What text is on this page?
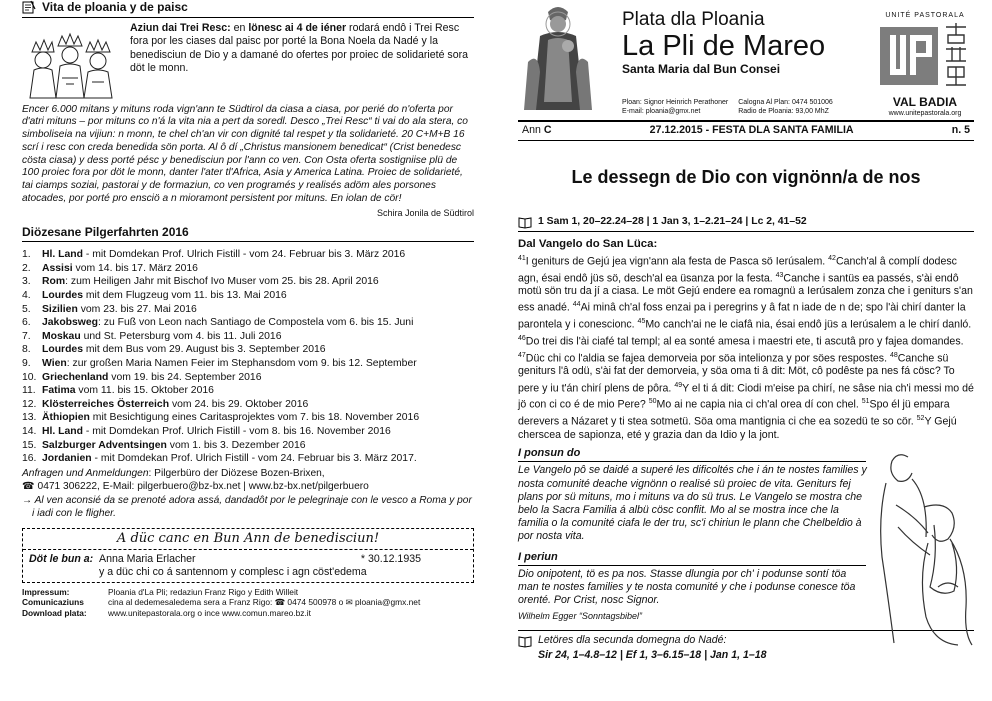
Vita de ploania y de paisc
Aziun dai Trei Resc: en lönesc ai 4 de iéner rodará endô i Trei Resc fora por les ciases dal paisc por porté la Bona Noela da Nadé y la benedisciun de Dio y a damané do ofertes por proiec de solidarieté sora döt le monn.
Encer 6.000 mitans y mituns roda vign'ann te Südtirol da ciasa a ciasa, por perié do n'oferta por d'atri mituns – por mituns co n'á la vita nia a pert da soredl. Desco „Trei Resc“ ti vai do ala stera, co simboliseia na vijiun: n monn, te chel ch'an vir con dignité tal respet y tla solidarieté. 20 C+M+B 16 scrí i resc con creda benedida sön porta. Al ô dí „Christus mansionem benedicat“ (Crist benedesc cösta ciasa) y dess porté pésc y benedisciun por l'ann co ven. Con Osta oferta sostigniise plü de 100 proiec fora por döt le monn, danter l'ater tl'Africa, Asia y America Latina. Proiec de solidarieté, tai ciamps soziai, pastorai y de formaziun, co ven programés y realisés adöm ales porsones atocades, por porté pro ensciö a n mioramont persistent por mituns. En iolan de cör!
Schira Jonila de Südtirol
Diözesane Pilgerfahrten 2016
1.	Hl. Land - mit Domdekan Prof. Ulrich Fistill - vom 24. Februar bis 3. März 2016
2.	Assisi vom 14. bis 17. März 2016
3.	Rom: zum Heiligen Jahr mit Bischof Ivo Muser vom 25. bis 28. April 2016
4.	Lourdes mit dem Flugzeug vom 11. bis 13. Mai 2016
5.	Sizilien vom 23. bis 27. Mai 2016
6.	Jakobsweg: zu Fuß von Leon nach Santiago de Compostela vom 6. bis 15. Juni
7.	Moskau und St. Petersburg vom 4. bis 11. Juli 2016
8.	Lourdes mit dem Bus vom 29. August bis 3. September 2016
9.	Wien: zur großen Maria Namen Feier im Stephansdom vom 9. bis 12. September
10. Griechenland vom 19. bis 24. September 2016
11. Fatima vom 11. bis 15. Oktober 2016
12. Klösterreiches Österreich vom 24. bis 29. Oktober 2016
13. Äthiopien mit Besichtigung eines Caritasprojektes vom 7. bis 18. November 2016
14. Hl. Land - mit Domdekan Prof. Ulrich Fistill - vom 8. bis 16. November 2016
15. Salzburger Adventsingen vom 1. bis 3. Dezember 2016
16. Jordanien - mit Domdekan Prof. Ulrich Fistill - vom 24. Februar bis 3. März 2017.
Anfragen und Anmeldungen: Pilgerbüro der Diözese Bozen-Brixen,
☎ 0471 306222, E-Mail: pilgerbuero@bz-bx.net | www.bz-bx.net/pilgerbuero
→ Al ven aconsié da se prenoté adora assá, dandadôt por le pelegrinaje con le vesco a Roma y por i iadi con le fligher.
A düc canc en Bun Ann de benedisciun!
Döt le bun a: Anna Maria Erlacher	* 30.12.1935
y a düc chi co á santennom y complesc i agn cöst'edema
Impressum:	Ploania d'La Pli; redaziun Franz Rigo y Edith Willeit
Comunicaziuns	cina al dedemesaledema sera a Franz Rigo: ☎ 0474 500978 o ✉ ploania@gmx.net
Download plata:	www.unitepastorala.org o ince www.comun.mareo.bz.it
Plata dla Ploania
La Pli de Mareo
Santa Maria dal Bun Consei
Ploan: Signor Heinrich Perathoner
E-mail: ploania@gmx.net
Calogna Al Plan: 0474 501006
Radio de Ploania: 93,00 MhZ
UNITÉ PASTORALA
VAL BADIA
www.unitepastorala.org
Ann C	27.12.2015 - FESTA DLA SANTA FAMILIA	n. 5
Le dessegn de Dio con vignönn/a de nos
1 Sam 1, 20–22.24–28 | 1 Jan 3, 1–2.21–24 | Lc 2, 41–52
Dal Vangelo do San Lüca:
$^{41}$I geniturs de Gejú jea vign'ann ala festa de Pasca sö Ierúsalem. $^{42}$Canch'al â complí dodesc agn, ésai endô jüs sö, desch'al ea üsanza por la festa. $^{43}$Canche i santüs ea passés, s'ài endô motü sön tru da jí a ciasa. Le möt Gejú endere ea romagnü a Ierúsalem zonza che i geniturs s'an ess anadé. $^{44}$Ai minâ ch'al foss enzai pa i peregrins y â fat n iade de n de; spo l'ài chirí danter la parontela y i conescionc. $^{45}$Mo canch'ai ne le ciafâ nia, ésai endô jüs a Ierúsalem a le chirí danló. $^{46}$Do trei dis l'ài ciafé tal templ; al ea sonté amesa i maestri ete, ti ascutâ pro y fajea domandes. $^{47}$Düc chi co l'aldia se fajea demorveia por söa intelionza y por söes respostes. $^{48}$Canche sü geniturs l'â odü, s'ài fat der demorveia, y söa oma ti â dit: Möt, cô podêste pa nes fá cösc? To pere y iu t'án chirí plens de pôra. $^{49}$Y el ti á dit: Ciodi m'eise pa chirí, ne sâse nia ch'i messi mo dé jö con ci co é de mio Pere? $^{50}$Mo ai ne capia nia ci ch'al orea dí con chel. $^{51}$Spo él jü empara derevers a Názaret y ti stea sotmetü. Söa oma mantignia ci che ea sozedü te so cör. $^{52}$Y Gejú cherscea de sapionza, eté y grazia dan da Idio y la jont.
I ponsun do
Le Vangelo pô se daidé a superé les dificoltés che i án te nostes families y nosta comunité deache vignönn o realisé sü proiec de vita. Geniturs fej plans por sü mituns, mo i mituns va do sü trus. Le Vangelo se mostra che belo la Sacra Familia á albü cösc conflit. Mo al se mostra ince che la familia o la comunité ciafa le der tru, sc'i chiriun le plann che Chelbeldio à por nosta vita.
I periun
Dio onipotent, tö es pa nos. Stasse dlungia por ch' i podunse sontí töa man te nostes families y te nosta comunité y che i podunse conesce töa orenté. Por Crist, nosc Signor.
Wilhelm Egger “Sonntagsbibel”
Letöres dla secunda domegna do Nadé:
Sir 24, 1–4.8–12 | Ef 1, 3–6.15–18 | Jan 1, 1–18
